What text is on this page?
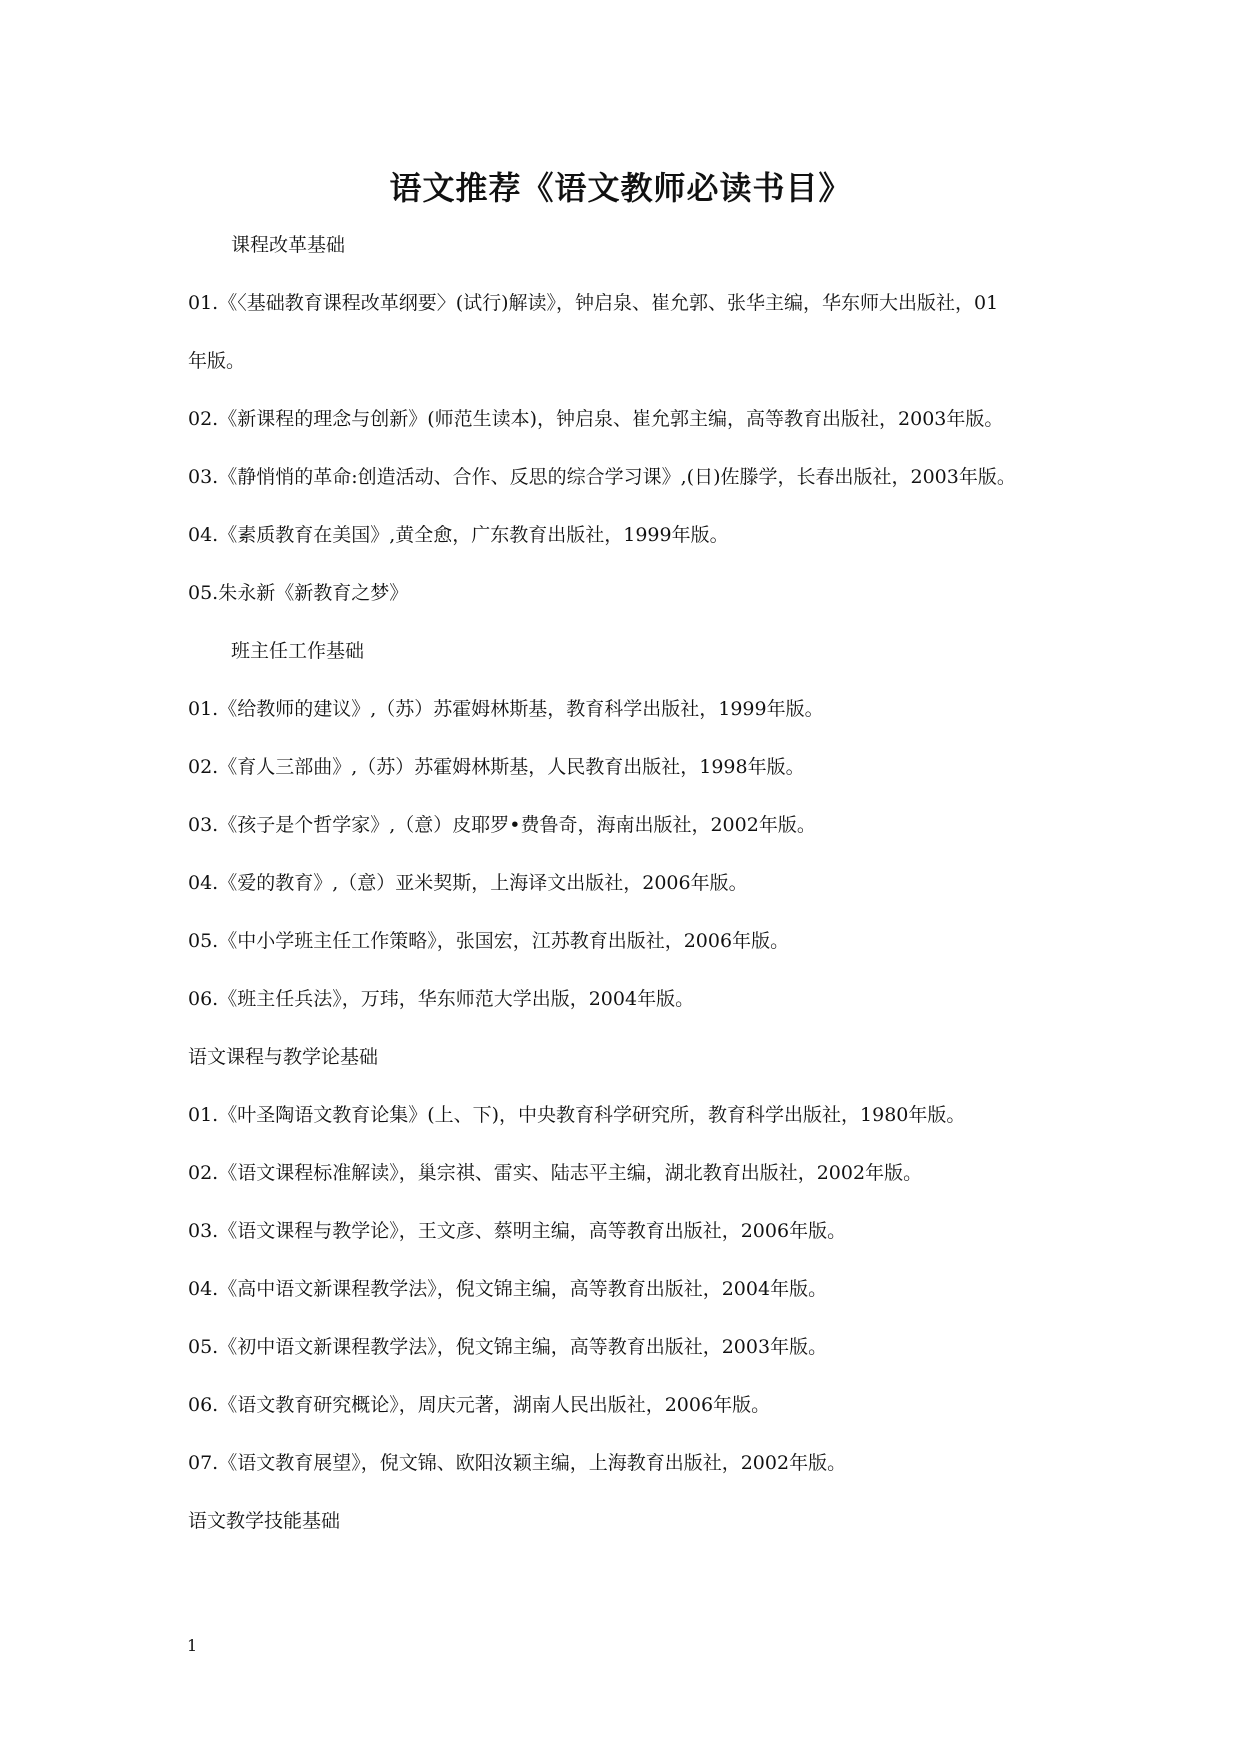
语文推荐《语文教师必读书目》
课程改革基础
01.《〈基础教育课程改革纲要〉(试行)解读》，钟启泉、崔允郭、张华主编，华东师大出版社，01
年版。
02.《新课程的理念与创新》(师范生读本)，钟启泉、崔允郭主编，高等教育出版社，2003年版。
03.《静悄悄的革命:创造活动、合作、反思的综合学习课》,(日)佐滕学，长春出版社，2003年版。
04.《素质教育在美国》,黄全愈，广东教育出版社，1999年版。
05.朱永新《新教育之梦》
班主任工作基础
01.《给教师的建议》,（苏）苏霍姆林斯基，教育科学出版社，1999年版。
02.《育人三部曲》,（苏）苏霍姆林斯基，人民教育出版社，1998年版。
03.《孩子是个哲学家》,（意）皮耶罗•费鲁奇，海南出版社，2002年版。
04.《爱的教育》,（意）亚米契斯，上海译文出版社，2006年版。
05.《中小学班主任工作策略》，张国宏，江苏教育出版社，2006年版。
06.《班主任兵法》，万玮，华东师范大学出版，2004年版。
语文课程与教学论基础
01.《叶圣陶语文教育论集》(上、下)，中央教育科学研究所，教育科学出版社，1980年版。
02.《语文课程标准解读》，巢宗祺、雷实、陆志平主编，湖北教育出版社，2002年版。
03.《语文课程与教学论》，王文彦、蔡明主编，高等教育出版社，2006年版。
04.《高中语文新课程教学法》，倪文锦主编，高等教育出版社，2004年版。
05.《初中语文新课程教学法》，倪文锦主编，高等教育出版社，2003年版。
06.《语文教育研究概论》，周庆元著，湖南人民出版社，2006年版。
07.《语文教育展望》，倪文锦、欧阳汝颖主编，上海教育出版社，2002年版。
语文教学技能基础
1
